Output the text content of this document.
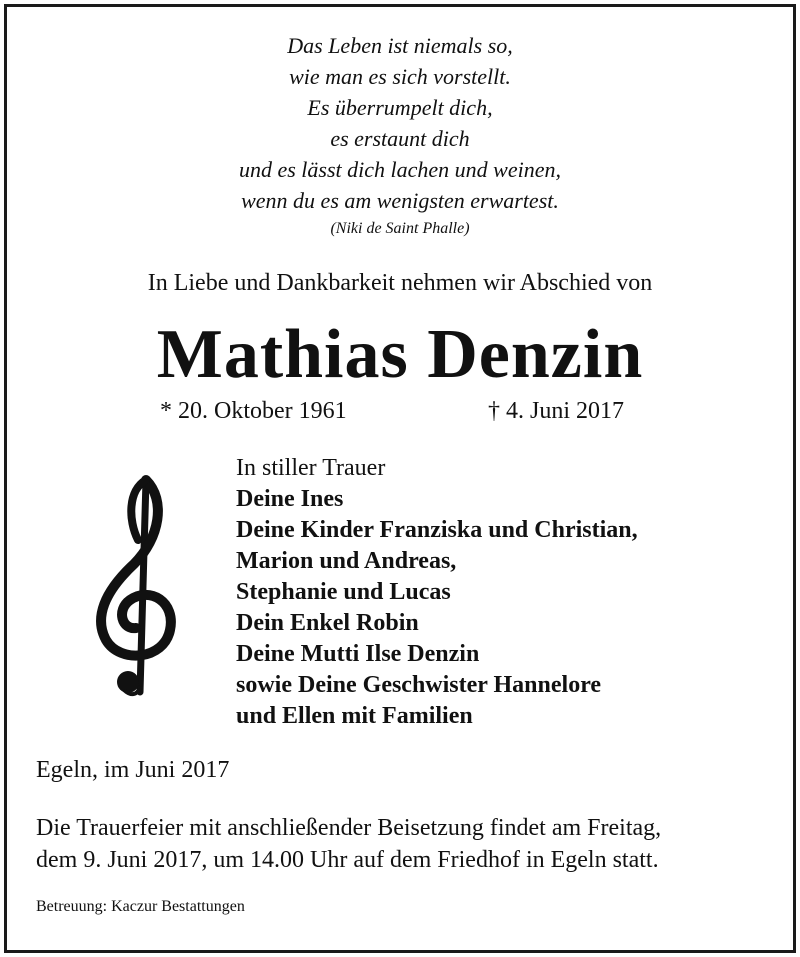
Das Leben ist niemals so,
wie man es sich vorstellt.
Es überrumpelt dich,
es erstaunt dich
und es lässt dich lachen und weinen,
wenn du es am wenigsten erwartest.
(Niki de Saint Phalle)
In Liebe und Dankbarkeit nehmen wir Abschied von
Mathias Denzin
* 20. Oktober 1961	† 4. Juni 2017
In stiller Trauer
Deine Ines
Deine Kinder Franziska und Christian,
Marion und Andreas,
Stephanie und Lucas
Dein Enkel Robin
Deine Mutti Ilse Denzin
sowie Deine Geschwister Hannelore
und Ellen mit Familien
Egeln, im Juni 2017
Die Trauerfeier mit anschließender Beisetzung findet am Freitag,
dem 9. Juni 2017, um 14.00 Uhr auf dem Friedhof in Egeln statt.
Betreuung: Kaczur Bestattungen
